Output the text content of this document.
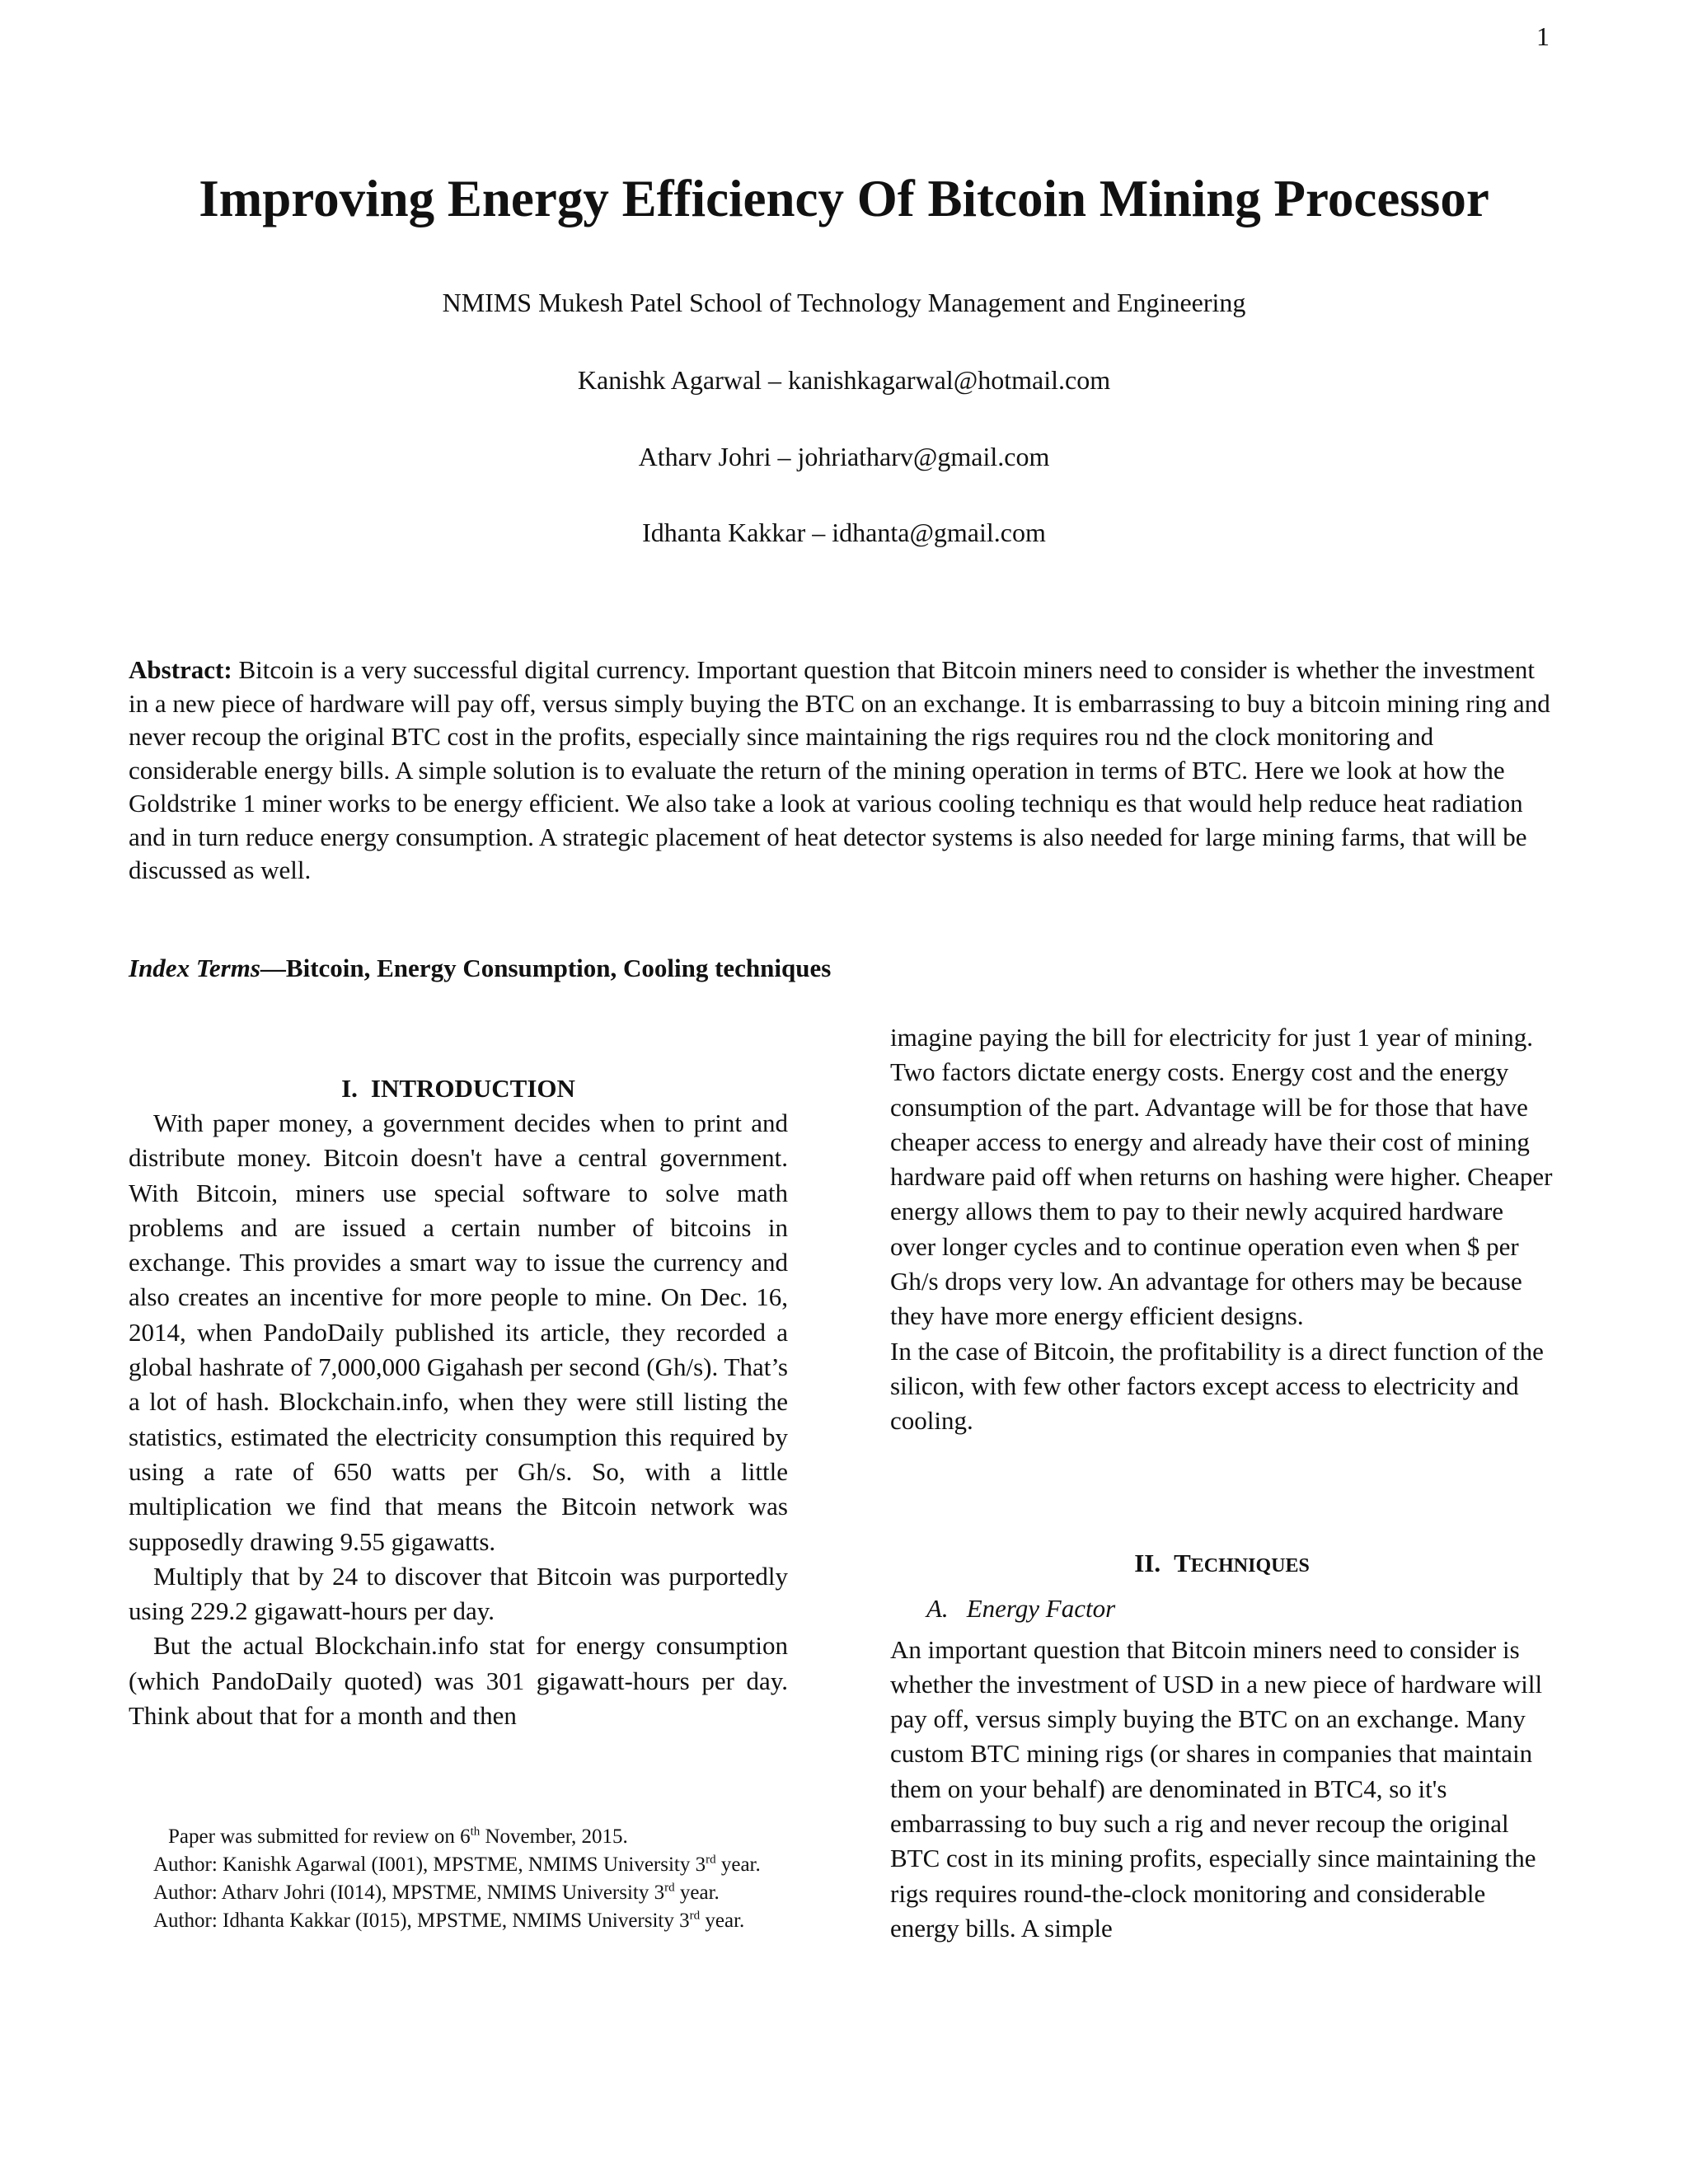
1
Improving Energy Efficiency Of Bitcoin Mining Processor
NMIMS Mukesh Patel School of Technology Management and Engineering
Kanishk Agarwal – kanishkagarwal@hotmail.com
Atharv Johri – johriatharv@gmail.com
Idhanta Kakkar – idhanta@gmail.com

Abstract: Bitcoin is a very successful digital currency. Important question that Bitcoin miners need to consider is whether the investment in a new piece of hardware will pay off, versus simply buying the BTC on an exchange. It is embarrassing to buy a bitcoin mining ring and never recoup the original BTC cost in the profits, especially since maintaining the rigs requires rou nd the clock monitoring and considerable energy bills. A simple solution is to evaluate the return of the mining operation in terms of BTC. Here we look at how the Goldstrike 1 miner works to be energy efficient. We also take a look at various cooling techniqu es that would help reduce heat radiation and in turn reduce energy consumption. A strategic placement of heat detector systems is also needed for large mining farms, that will be discussed as well.

Index Terms—Bitcoin, Energy Consumption, Cooling techniques
I. INTRODUCTION

With paper money, a government decides when to print and distribute money. Bitcoin doesn't have a central government. With Bitcoin, miners use special software to solve math problems and are issued a certain number of bitcoins in exchange. This provides a smart way to issue the currency and also creates an incentive for more people to mine. On Dec. 16, 2014, when PandoDaily published its article, they recorded a global hashrate of 7,000,000 Gigahash per second (Gh/s). That’s a lot of hash. Blockchain.info, when they were still listing the statistics, estimated the electricity consumption this required by using a rate of 650 watts per Gh/s. So, with a little multiplication we find that means the Bitcoin network was supposedly drawing 9.55 gigawatts.

Multiply that by 24 to discover that Bitcoin was purportedly using 229.2 gigawatt-hours per day.

But the actual Blockchain.info stat for energy consumption (which PandoDaily quoted) was 301 gigawatt-hours per day. Think about that for a month and then

Paper was submitted for review on 6th November, 2015.

Author: Kanishk Agarwal (I001), MPSTME, NMIMS University 3rd year.

Author: Atharv Johri (I014), MPSTME, NMIMS University 3rd year.

Author: Idhanta Kakkar (I015), MPSTME, NMIMS University 3rd year.

imagine paying the bill for electricity for just 1 year of mining.

Two factors dictate energy costs. Energy cost and the energy consumption of the part. Advantage will be for those that have cheaper access to energy and already have their cost of mining hardware paid off when returns on hashing were higher. Cheaper energy allows them to pay to their newly acquired hardware over longer cycles and to continue operation even when $ per Gh/s drops very low. An advantage for others may be because they have more energy efficient designs.

In the case of Bitcoin, the profitability is a direct function of the silicon, with few other factors except access to electricity and cooling.

II. TECHNIQUES

A. Energy Factor

An important question that Bitcoin miners need to consider is whether the investment of USD in a new piece of hardware will pay off, versus simply buying the BTC on an exchange. Many custom BTC mining rigs (or shares in companies that maintain them on your behalf) are denominated in BTC4, so it's embarrassing to buy such a rig and never recoup the original BTC cost in its mining profits, especially since maintaining the rigs requires round-the-clock monitoring and considerable energy bills. A simple
